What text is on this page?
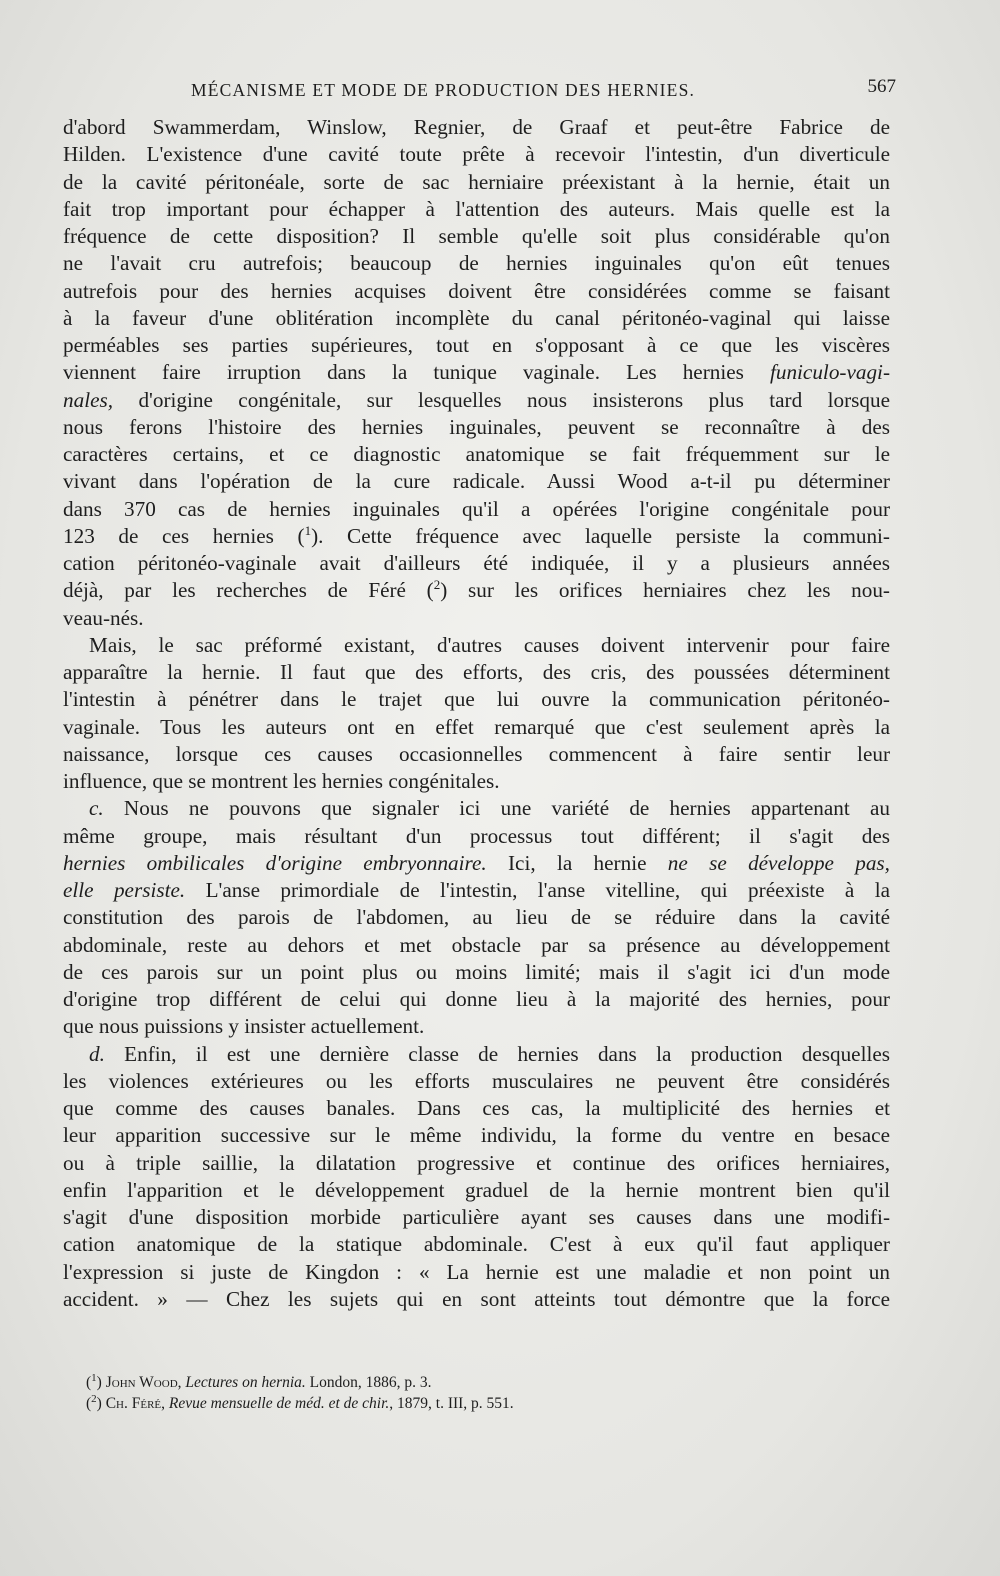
MÉCANISME ET MODE DE PRODUCTION DES HERNIES.	567
d'abord Swammerdam, Winslow, Regnier, de Graaf et peut-être Fabrice de
Hilden. L'existence d'une cavité toute prête à recevoir l'intestin, d'un diverticule
de la cavité péritonéale, sorte de sac herniaire préexistant à la hernie, était un
fait trop important pour échapper à l'attention des auteurs. Mais quelle est la
fréquence de cette disposition? Il semble qu'elle soit plus considérable qu'on
ne l'avait cru autrefois; beaucoup de hernies inguinales qu'on eût tenues
autrefois pour des hernies acquises doivent être considérées comme se faisant
à la faveur d'une oblitération incomplète du canal péritonéo-vaginal qui laisse
perméables ses parties supérieures, tout en s'opposant à ce que les viscères
viennent faire irruption dans la tunique vaginale. Les hernies funiculo-vagi-
nales, d'origine congénitale, sur lesquelles nous insisterons plus tard lorsque
nous ferons l'histoire des hernies inguinales, peuvent se reconnaître à des
caractères certains, et ce diagnostic anatomique se fait fréquemment sur le
vivant dans l'opération de la cure radicale. Aussi Wood a-t-il pu déterminer
dans 370 cas de hernies inguinales qu'il a opérées l'origine congénitale pour
123 de ces hernies ($^1$). Cette fréquence avec laquelle persiste la communi-
cation péritonéo-vaginale avait d'ailleurs été indiquée, il y a plusieurs années
déjà, par les recherches de Féré ($^2$) sur les orifices herniaires chez les nou-
veau-nés.
Mais, le sac préformé existant, d'autres causes doivent intervenir pour faire
apparaître la hernie. Il faut que des efforts, des cris, des poussées déterminent
l'intestin à pénétrer dans le trajet que lui ouvre la communication péritonéo-
vaginale. Tous les auteurs ont en effet remarqué que c'est seulement après la
naissance, lorsque ces causes occasionnelles commencent à faire sentir leur
influence, que se montrent les hernies congénitales.
c. Nous ne pouvons que signaler ici une variété de hernies appartenant au
même groupe, mais résultant d'un processus tout différent; il s'agit des
hernies ombilicales d'origine embryonnaire. Ici, la hernie ne se développe pas,
elle persiste. L'anse primordiale de l'intestin, l'anse vitelline, qui préexiste à la
constitution des parois de l'abdomen, au lieu de se réduire dans la cavité
abdominale, reste au dehors et met obstacle par sa présence au développement
de ces parois sur un point plus ou moins limité; mais il s'agit ici d'un mode
d'origine trop différent de celui qui donne lieu à la majorité des hernies, pour
que nous puissions y insister actuellement.
d. Enfin, il est une dernière classe de hernies dans la production desquelles
les violences extérieures ou les efforts musculaires ne peuvent être considérés
que comme des causes banales. Dans ces cas, la multiplicité des hernies et
leur apparition successive sur le même individu, la forme du ventre en besace
ou à triple saillie, la dilatation progressive et continue des orifices herniaires,
enfin l'apparition et le développement graduel de la hernie montrent bien qu'il
s'agit d'une disposition morbide particulière ayant ses causes dans une modifi-
cation anatomique de la statique abdominale. C'est à eux qu'il faut appliquer
l'expression si juste de Kingdon : « La hernie est une maladie et non point un
accident. » — Chez les sujets qui en sont atteints tout démontre que la force
($^1$) John Wood, Lectures on hernia. London, 1886, p. 3.
($^2$) Ch. Féré, Revue mensuelle de méd. et de chir., 1879, t. III, p. 551.
